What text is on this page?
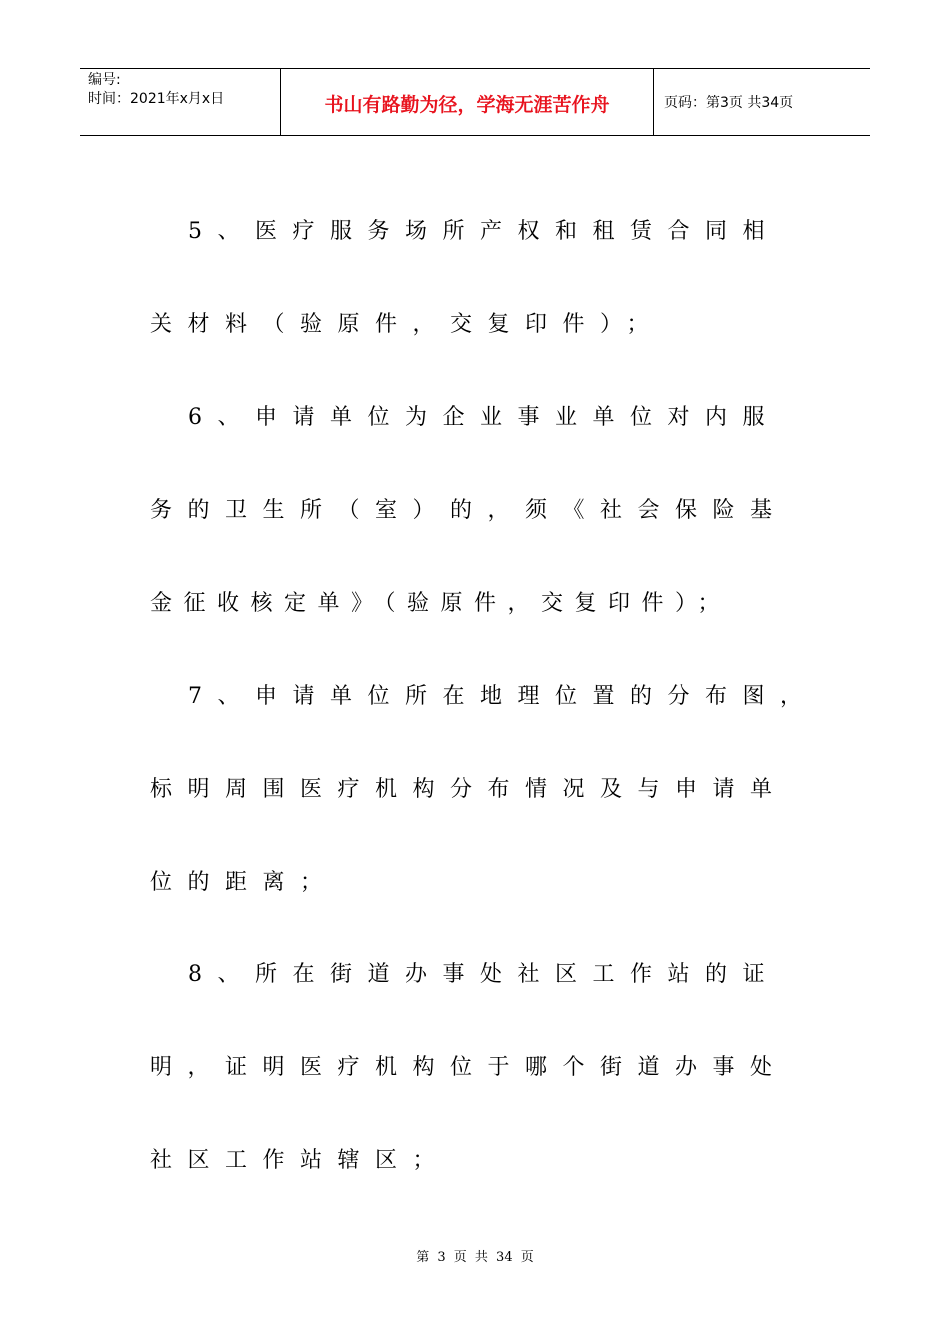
编号:
时间：2021年x月x日	书山有路勤为径，学海无涯苦作舟	页码：第3页 共34页
5、医疗服务场所产权和租赁合同相
关材料（验原件，交复印件）；
6、申请单位为企业事业单位对内服
务的卫生所（室）的，须《社会保险基
金征收核定单》（验原件，交复印件）；
7、申请单位所在地理位置的分布图，
标明周围医疗机构分布情况及与申请单
位的距离；
8、所在街道办事处社区工作站的证
明，证明医疗机构位于哪个街道办事处
社区工作站辖区；
第 3 页 共 34 页
